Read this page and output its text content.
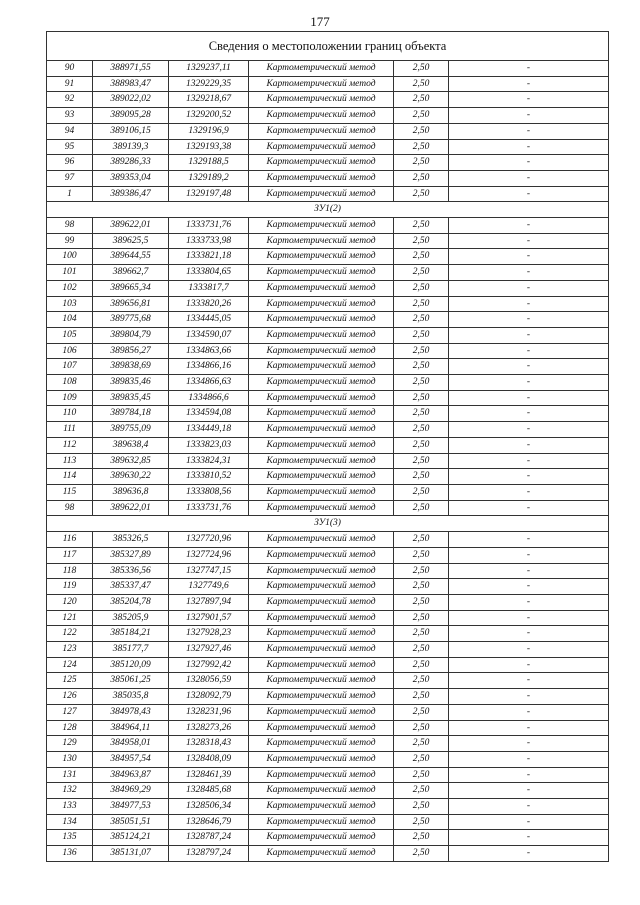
177
Сведения о местоположении границ объекта					
90	388971,55	1329237,11	Картометрический метод	2,50	-
91	388983,47	1329229,35	Картометрический метод	2,50	-
92	389022,02	1329218,67	Картометрический метод	2,50	-
93	389095,28	1329200,52	Картометрический метод	2,50	-
94	389106,15	1329196,9	Картометрический метод	2,50	-
95	389139,3	1329193,38	Картометрический метод	2,50	-
96	389286,33	1329188,5	Картометрический метод	2,50	-
97	389353,04	1329189,2	Картометрический метод	2,50	-
1	389386,47	1329197,48	Картометрический метод	2,50	-
ЗУ1(2)					
98	389622,01	1333731,76	Картометрический метод	2,50	-
99	389625,5	1333733,98	Картометрический метод	2,50	-
100	389644,55	1333821,18	Картометрический метод	2,50	-
101	389662,7	1333804,65	Картометрический метод	2,50	-
102	389665,34	1333817,7	Картометрический метод	2,50	-
103	389656,81	1333820,26	Картометрический метод	2,50	-
104	389775,68	1334445,05	Картометрический метод	2,50	-
105	389804,79	1334590,07	Картометрический метод	2,50	-
106	389856,27	1334863,66	Картометрический метод	2,50	-
107	389838,69	1334866,16	Картометрический метод	2,50	-
108	389835,46	1334866,63	Картометрический метод	2,50	-
109	389835,45	1334866,6	Картометрический метод	2,50	-
110	389784,18	1334594,08	Картометрический метод	2,50	-
111	389755,09	1334449,18	Картометрический метод	2,50	-
112	389638,4	1333823,03	Картометрический метод	2,50	-
113	389632,85	1333824,31	Картометрический метод	2,50	-
114	389630,22	1333810,52	Картометрический метод	2,50	-
115	389636,8	1333808,56	Картометрический метод	2,50	-
98	389622,01	1333731,76	Картометрический метод	2,50	-
ЗУ1(3)					
116	385326,5	1327720,96	Картометрический метод	2,50	-
117	385327,89	1327724,96	Картометрический метод	2,50	-
118	385336,56	1327747,15	Картометрический метод	2,50	-
119	385337,47	1327749,6	Картометрический метод	2,50	-
120	385204,78	1327897,94	Картометрический метод	2,50	-
121	385205,9	1327901,57	Картометрический метод	2,50	-
122	385184,21	1327928,23	Картометрический метод	2,50	-
123	385177,7	1327927,46	Картометрический метод	2,50	-
124	385120,09	1327992,42	Картометрический метод	2,50	-
125	385061,25	1328056,59	Картометрический метод	2,50	-
126	385035,8	1328092,79	Картометрический метод	2,50	-
127	384978,43	1328231,96	Картометрический метод	2,50	-
128	384964,11	1328273,26	Картометрический метод	2,50	-
129	384958,01	1328318,43	Картометрический метод	2,50	-
130	384957,54	1328408,09	Картометрический метод	2,50	-
131	384963,87	1328461,39	Картометрический метод	2,50	-
132	384969,29	1328485,68	Картометрический метод	2,50	-
133	384977,53	1328506,34	Картометрический метод	2,50	-
134	385051,51	1328646,79	Картометрический метод	2,50	-
135	385124,21	1328787,24	Картометрический метод	2,50	-
136	385131,07	1328797,24	Картометрический метод	2,50	-
